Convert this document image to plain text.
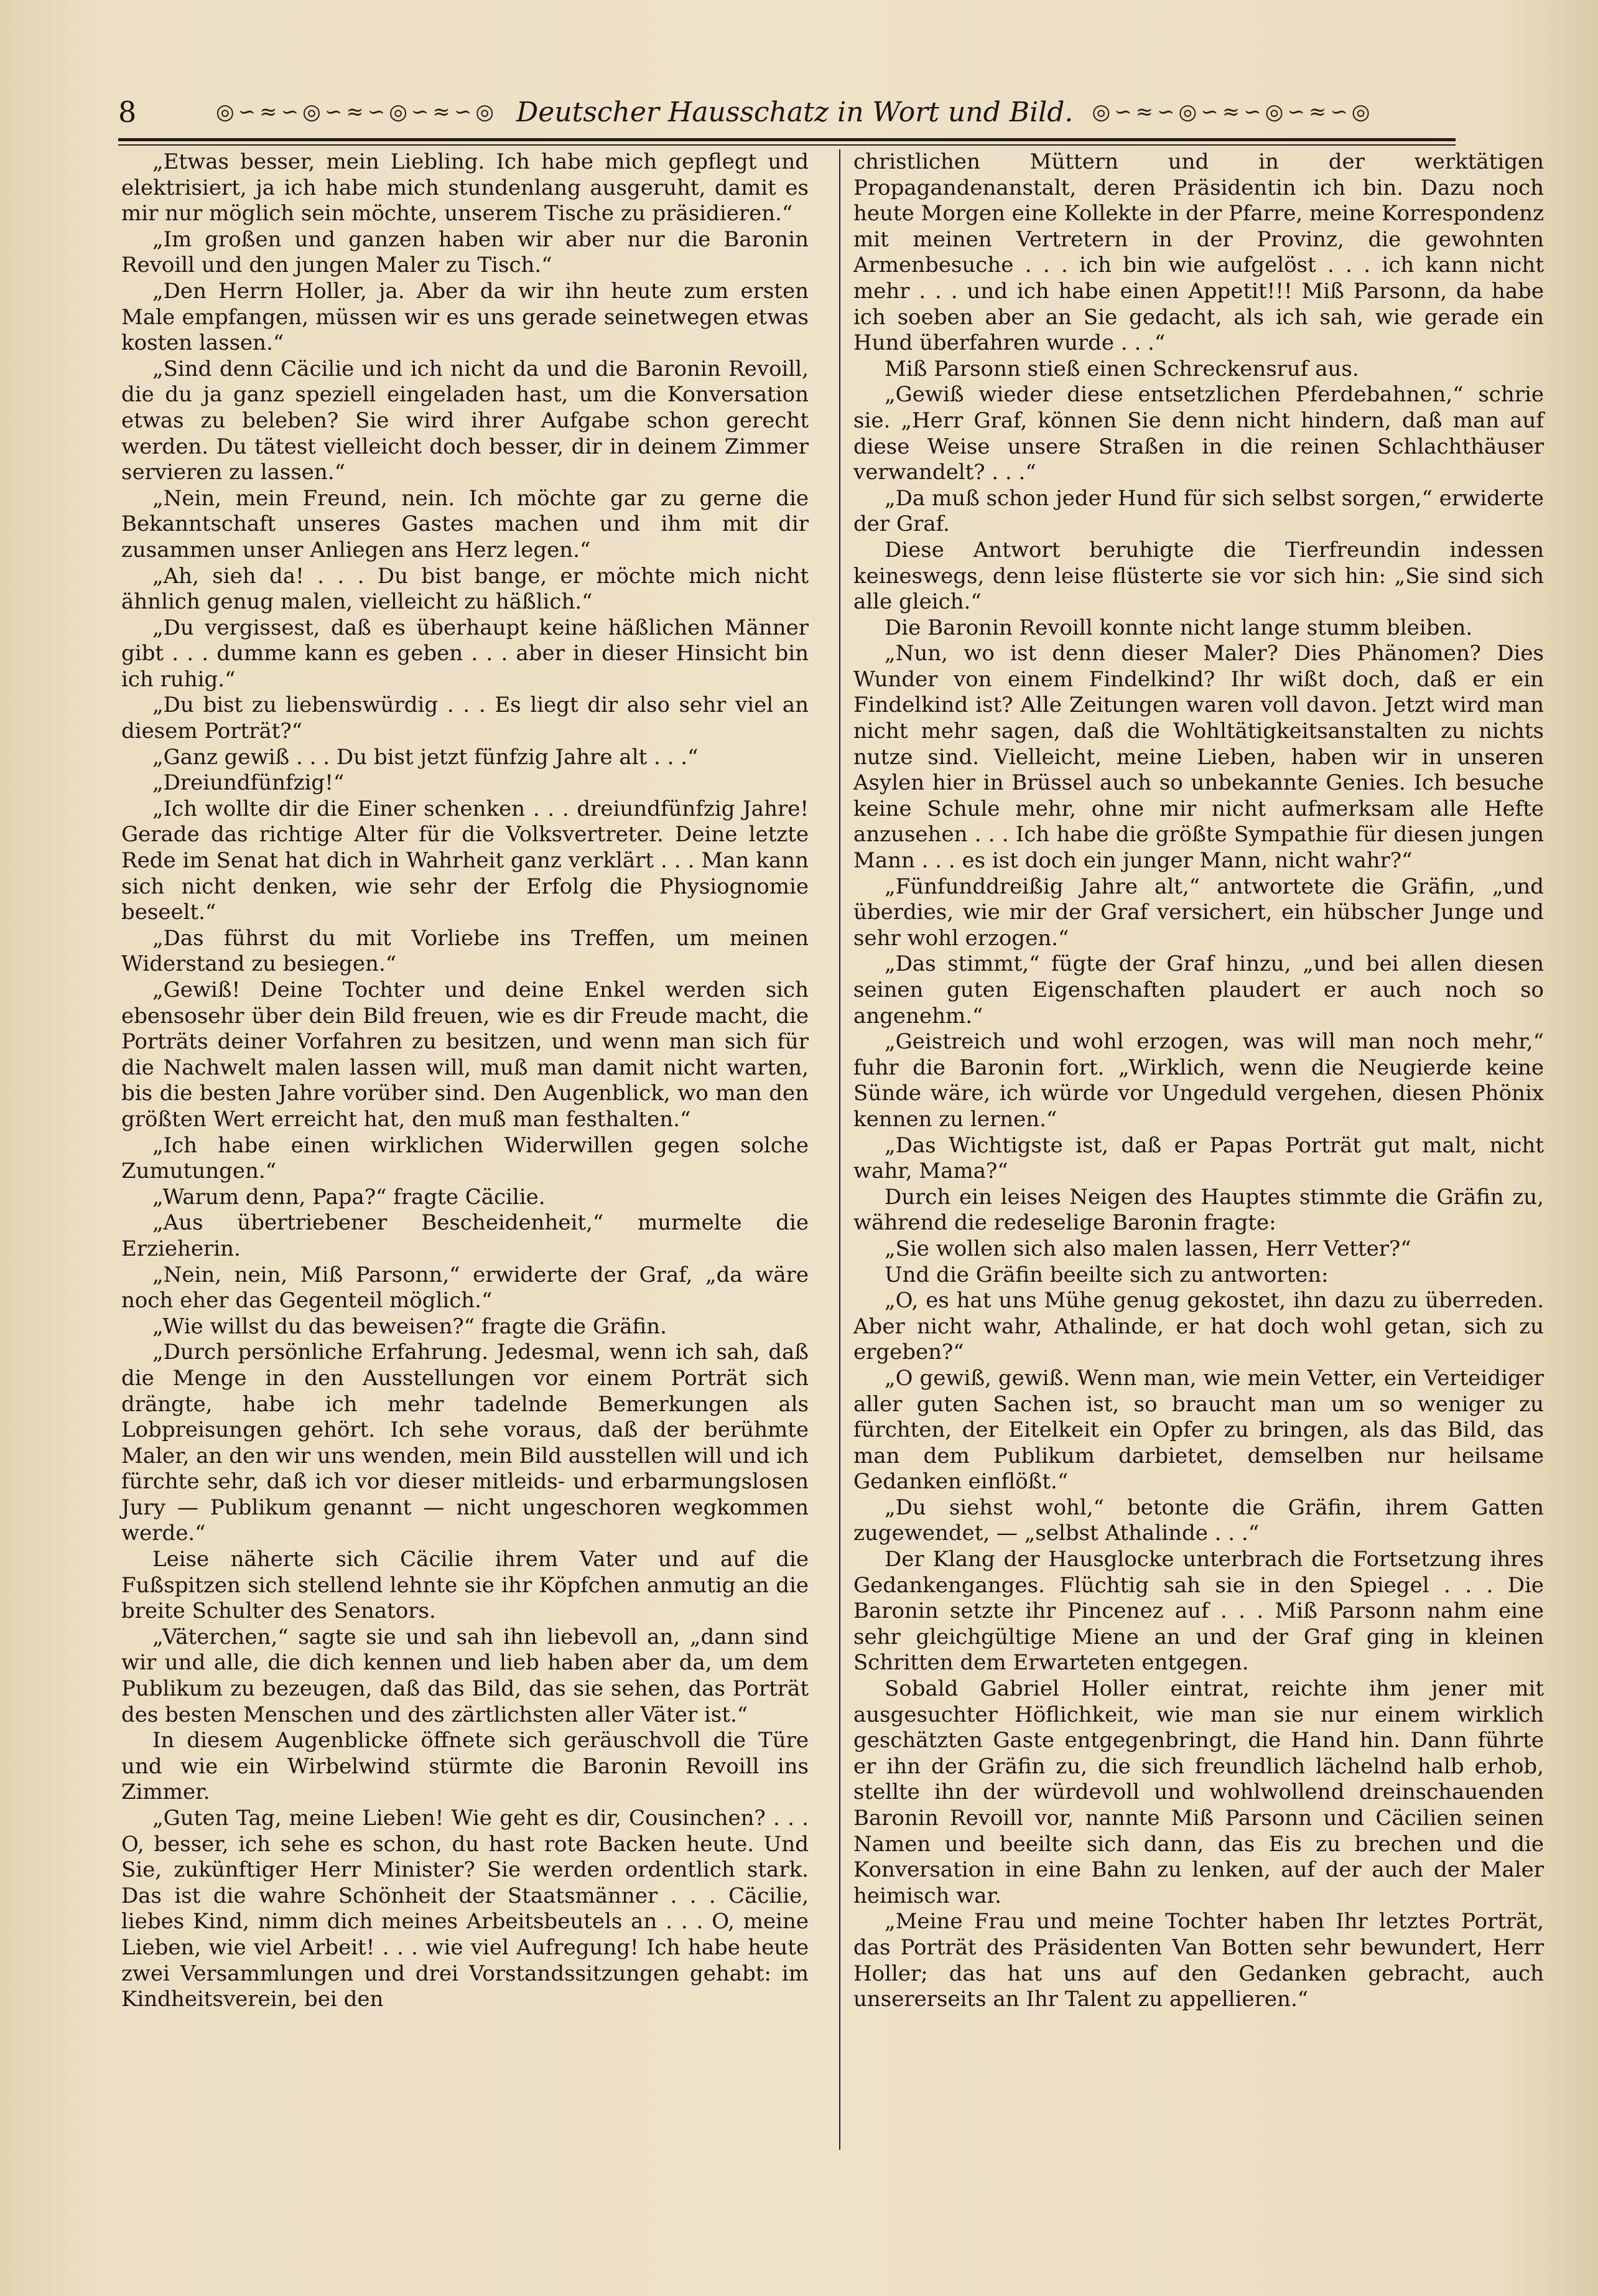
8	◎∽≈∽◎∽≈∽◎∽≈∽◎ Deutscher Hausschatz in Wort und Bild. ◎∽≈∽◎∽≈∽◎∽≈∽◎

„Etwas besser, mein Liebling. Ich habe mich gepflegt und elektrisiert, ja ich habe mich stundenlang ausgeruht, damit es mir nur möglich sein möchte, unserem Tische zu präsidieren.“

„Im großen und ganzen haben wir aber nur die Baronin Revoill und den jungen Maler zu Tisch.“

„Den Herrn Holler, ja. Aber da wir ihn heute zum ersten Male empfangen, müssen wir es uns gerade seinetwegen etwas kosten lassen.“

„Sind denn Cäcilie und ich nicht da und die Baronin Revoill, die du ja ganz speziell eingeladen hast, um die Konversation etwas zu beleben? Sie wird ihrer Aufgabe schon gerecht werden. Du tätest vielleicht doch besser, dir in deinem Zimmer servieren zu lassen.“

„Nein, mein Freund, nein. Ich möchte gar zu gerne die Bekanntschaft unseres Gastes machen und ihm mit dir zusammen unser Anliegen ans Herz legen.“

„Ah, sieh da! . . . Du bist bange, er möchte mich nicht ähnlich genug malen, vielleicht zu häßlich.“

„Du vergissest, daß es überhaupt keine häßlichen Männer gibt . . . dumme kann es geben . . . aber in dieser Hinsicht bin ich ruhig.“

„Du bist zu liebenswürdig . . . Es liegt dir also sehr viel an diesem Porträt?“

„Ganz gewiß . . . Du bist jetzt fünfzig Jahre alt . . .“

„Dreiundfünfzig!“

„Ich wollte dir die Einer schenken . . . dreiundfünfzig Jahre! Gerade das richtige Alter für die Volksvertreter. Deine letzte Rede im Senat hat dich in Wahrheit ganz verklärt . . . Man kann sich nicht denken, wie sehr der Erfolg die Physiognomie beseelt.“

„Das führst du mit Vorliebe ins Treffen, um meinen Widerstand zu besiegen.“

„Gewiß! Deine Tochter und deine Enkel werden sich ebensosehr über dein Bild freuen, wie es dir Freude macht, die Porträts deiner Vorfahren zu besitzen, und wenn man sich für die Nachwelt malen lassen will, muß man damit nicht warten, bis die besten Jahre vorüber sind. Den Augenblick, wo man den größten Wert erreicht hat, den muß man festhalten.“

„Ich habe einen wirklichen Widerwillen gegen solche Zumutungen.“

„Warum denn, Papa?“ fragte Cäcilie.

„Aus übertriebener Bescheidenheit,“ murmelte die Erzieherin.

„Nein, nein, Miß Parsonn,“ erwiderte der Graf, „da wäre noch eher das Gegenteil möglich.“

„Wie willst du das beweisen?“ fragte die Gräfin.

„Durch persönliche Erfahrung. Jedesmal, wenn ich sah, daß die Menge in den Ausstellungen vor einem Porträt sich drängte, habe ich mehr tadelnde Bemerkungen als Lobpreisungen gehört. Ich sehe voraus, daß der berühmte Maler, an den wir uns wenden, mein Bild ausstellen will und ich fürchte sehr, daß ich vor dieser mitleids- und erbarmungslosen Jury — Publikum genannt — nicht ungeschoren wegkommen werde.“

Leise näherte sich Cäcilie ihrem Vater und auf die Fußspitzen sich stellend lehnte sie ihr Köpfchen anmutig an die breite Schulter des Senators.

„Väterchen,“ sagte sie und sah ihn liebevoll an, „dann sind wir und alle, die dich kennen und lieb haben aber da, um dem Publikum zu bezeugen, daß das Bild, das sie sehen, das Porträt des besten Menschen und des zärtlichsten aller Väter ist.“

In diesem Augenblicke öffnete sich geräuschvoll die Türe und wie ein Wirbelwind stürmte die Baronin Revoill ins Zimmer.

„Guten Tag, meine Lieben! Wie geht es dir, Cousinchen? . . . O, besser, ich sehe es schon, du hast rote Backen heute. Und Sie, zukünftiger Herr Minister? Sie werden ordentlich stark. Das ist die wahre Schönheit der Staatsmänner . . . Cäcilie, liebes Kind, nimm dich meines Arbeitsbeutels an . . . O, meine Lieben, wie viel Arbeit! . . . wie viel Aufregung! Ich habe heute zwei Versammlungen und drei Vorstandssitzungen gehabt: im Kindheitsverein, bei den

christlichen Müttern und in der werktätigen Propagandenanstalt, deren Präsidentin ich bin. Dazu noch heute Morgen eine Kollekte in der Pfarre, meine Korrespondenz mit meinen Vertretern in der Provinz, die gewohnten Armenbesuche . . . ich bin wie aufgelöst . . . ich kann nicht mehr . . . und ich habe einen Appetit!!! Miß Parsonn, da habe ich soeben aber an Sie gedacht, als ich sah, wie gerade ein Hund überfahren wurde . . .“

Miß Parsonn stieß einen Schreckensruf aus.

„Gewiß wieder diese entsetzlichen Pferdebahnen,“ schrie sie. „Herr Graf, können Sie denn nicht hindern, daß man auf diese Weise unsere Straßen in die reinen Schlachthäuser verwandelt? . . .“

„Da muß schon jeder Hund für sich selbst sorgen,“ erwiderte der Graf.

Diese Antwort beruhigte die Tierfreundin indessen keineswegs, denn leise flüsterte sie vor sich hin: „Sie sind sich alle gleich.“

Die Baronin Revoill konnte nicht lange stumm bleiben.

„Nun, wo ist denn dieser Maler? Dies Phänomen? Dies Wunder von einem Findelkind? Ihr wißt doch, daß er ein Findelkind ist? Alle Zeitungen waren voll davon. Jetzt wird man nicht mehr sagen, daß die Wohltätigkeitsanstalten zu nichts nutze sind. Vielleicht, meine Lieben, haben wir in unseren Asylen hier in Brüssel auch so unbekannte Genies. Ich besuche keine Schule mehr, ohne mir nicht aufmerksam alle Hefte anzusehen . . . Ich habe die größte Sympathie für diesen jungen Mann . . . es ist doch ein junger Mann, nicht wahr?“

„Fünfunddreißig Jahre alt,“ antwortete die Gräfin, „und überdies, wie mir der Graf versichert, ein hübscher Junge und sehr wohl erzogen.“

„Das stimmt,“ fügte der Graf hinzu, „und bei allen diesen seinen guten Eigenschaften plaudert er auch noch so angenehm.“

„Geistreich und wohl erzogen, was will man noch mehr,“ fuhr die Baronin fort. „Wirklich, wenn die Neugierde keine Sünde wäre, ich würde vor Ungeduld vergehen, diesen Phönix kennen zu lernen.“

„Das Wichtigste ist, daß er Papas Porträt gut malt, nicht wahr, Mama?“

Durch ein leises Neigen des Hauptes stimmte die Gräfin zu, während die redeselige Baronin fragte:

„Sie wollen sich also malen lassen, Herr Vetter?“

Und die Gräfin beeilte sich zu antworten:

„O, es hat uns Mühe genug gekostet, ihn dazu zu überreden. Aber nicht wahr, Athalinde, er hat doch wohl getan, sich zu ergeben?“

„O gewiß, gewiß. Wenn man, wie mein Vetter, ein Verteidiger aller guten Sachen ist, so braucht man um so weniger zu fürchten, der Eitelkeit ein Opfer zu bringen, als das Bild, das man dem Publikum darbietet, demselben nur heilsame Gedanken einflößt.“

„Du siehst wohl,“ betonte die Gräfin, ihrem Gatten zugewendet, — „selbst Athalinde . . .“

Der Klang der Hausglocke unterbrach die Fortsetzung ihres Gedankenganges. Flüchtig sah sie in den Spiegel . . . Die Baronin setzte ihr Pincenez auf . . . Miß Parsonn nahm eine sehr gleichgültige Miene an und der Graf ging in kleinen Schritten dem Erwarteten entgegen.

Sobald Gabriel Holler eintrat, reichte ihm jener mit ausgesuchter Höflichkeit, wie man sie nur einem wirklich geschätzten Gaste entgegenbringt, die Hand hin. Dann führte er ihn der Gräfin zu, die sich freundlich lächelnd halb erhob, stellte ihn der würdevoll und wohlwollend dreinschauenden Baronin Revoill vor, nannte Miß Parsonn und Cäcilien seinen Namen und beeilte sich dann, das Eis zu brechen und die Konversation in eine Bahn zu lenken, auf der auch der Maler heimisch war.

„Meine Frau und meine Tochter haben Ihr letztes Porträt, das Porträt des Präsidenten Van Botten sehr bewundert, Herr Holler; das hat uns auf den Gedanken gebracht, auch unsererseits an Ihr Talent zu appellieren.“
